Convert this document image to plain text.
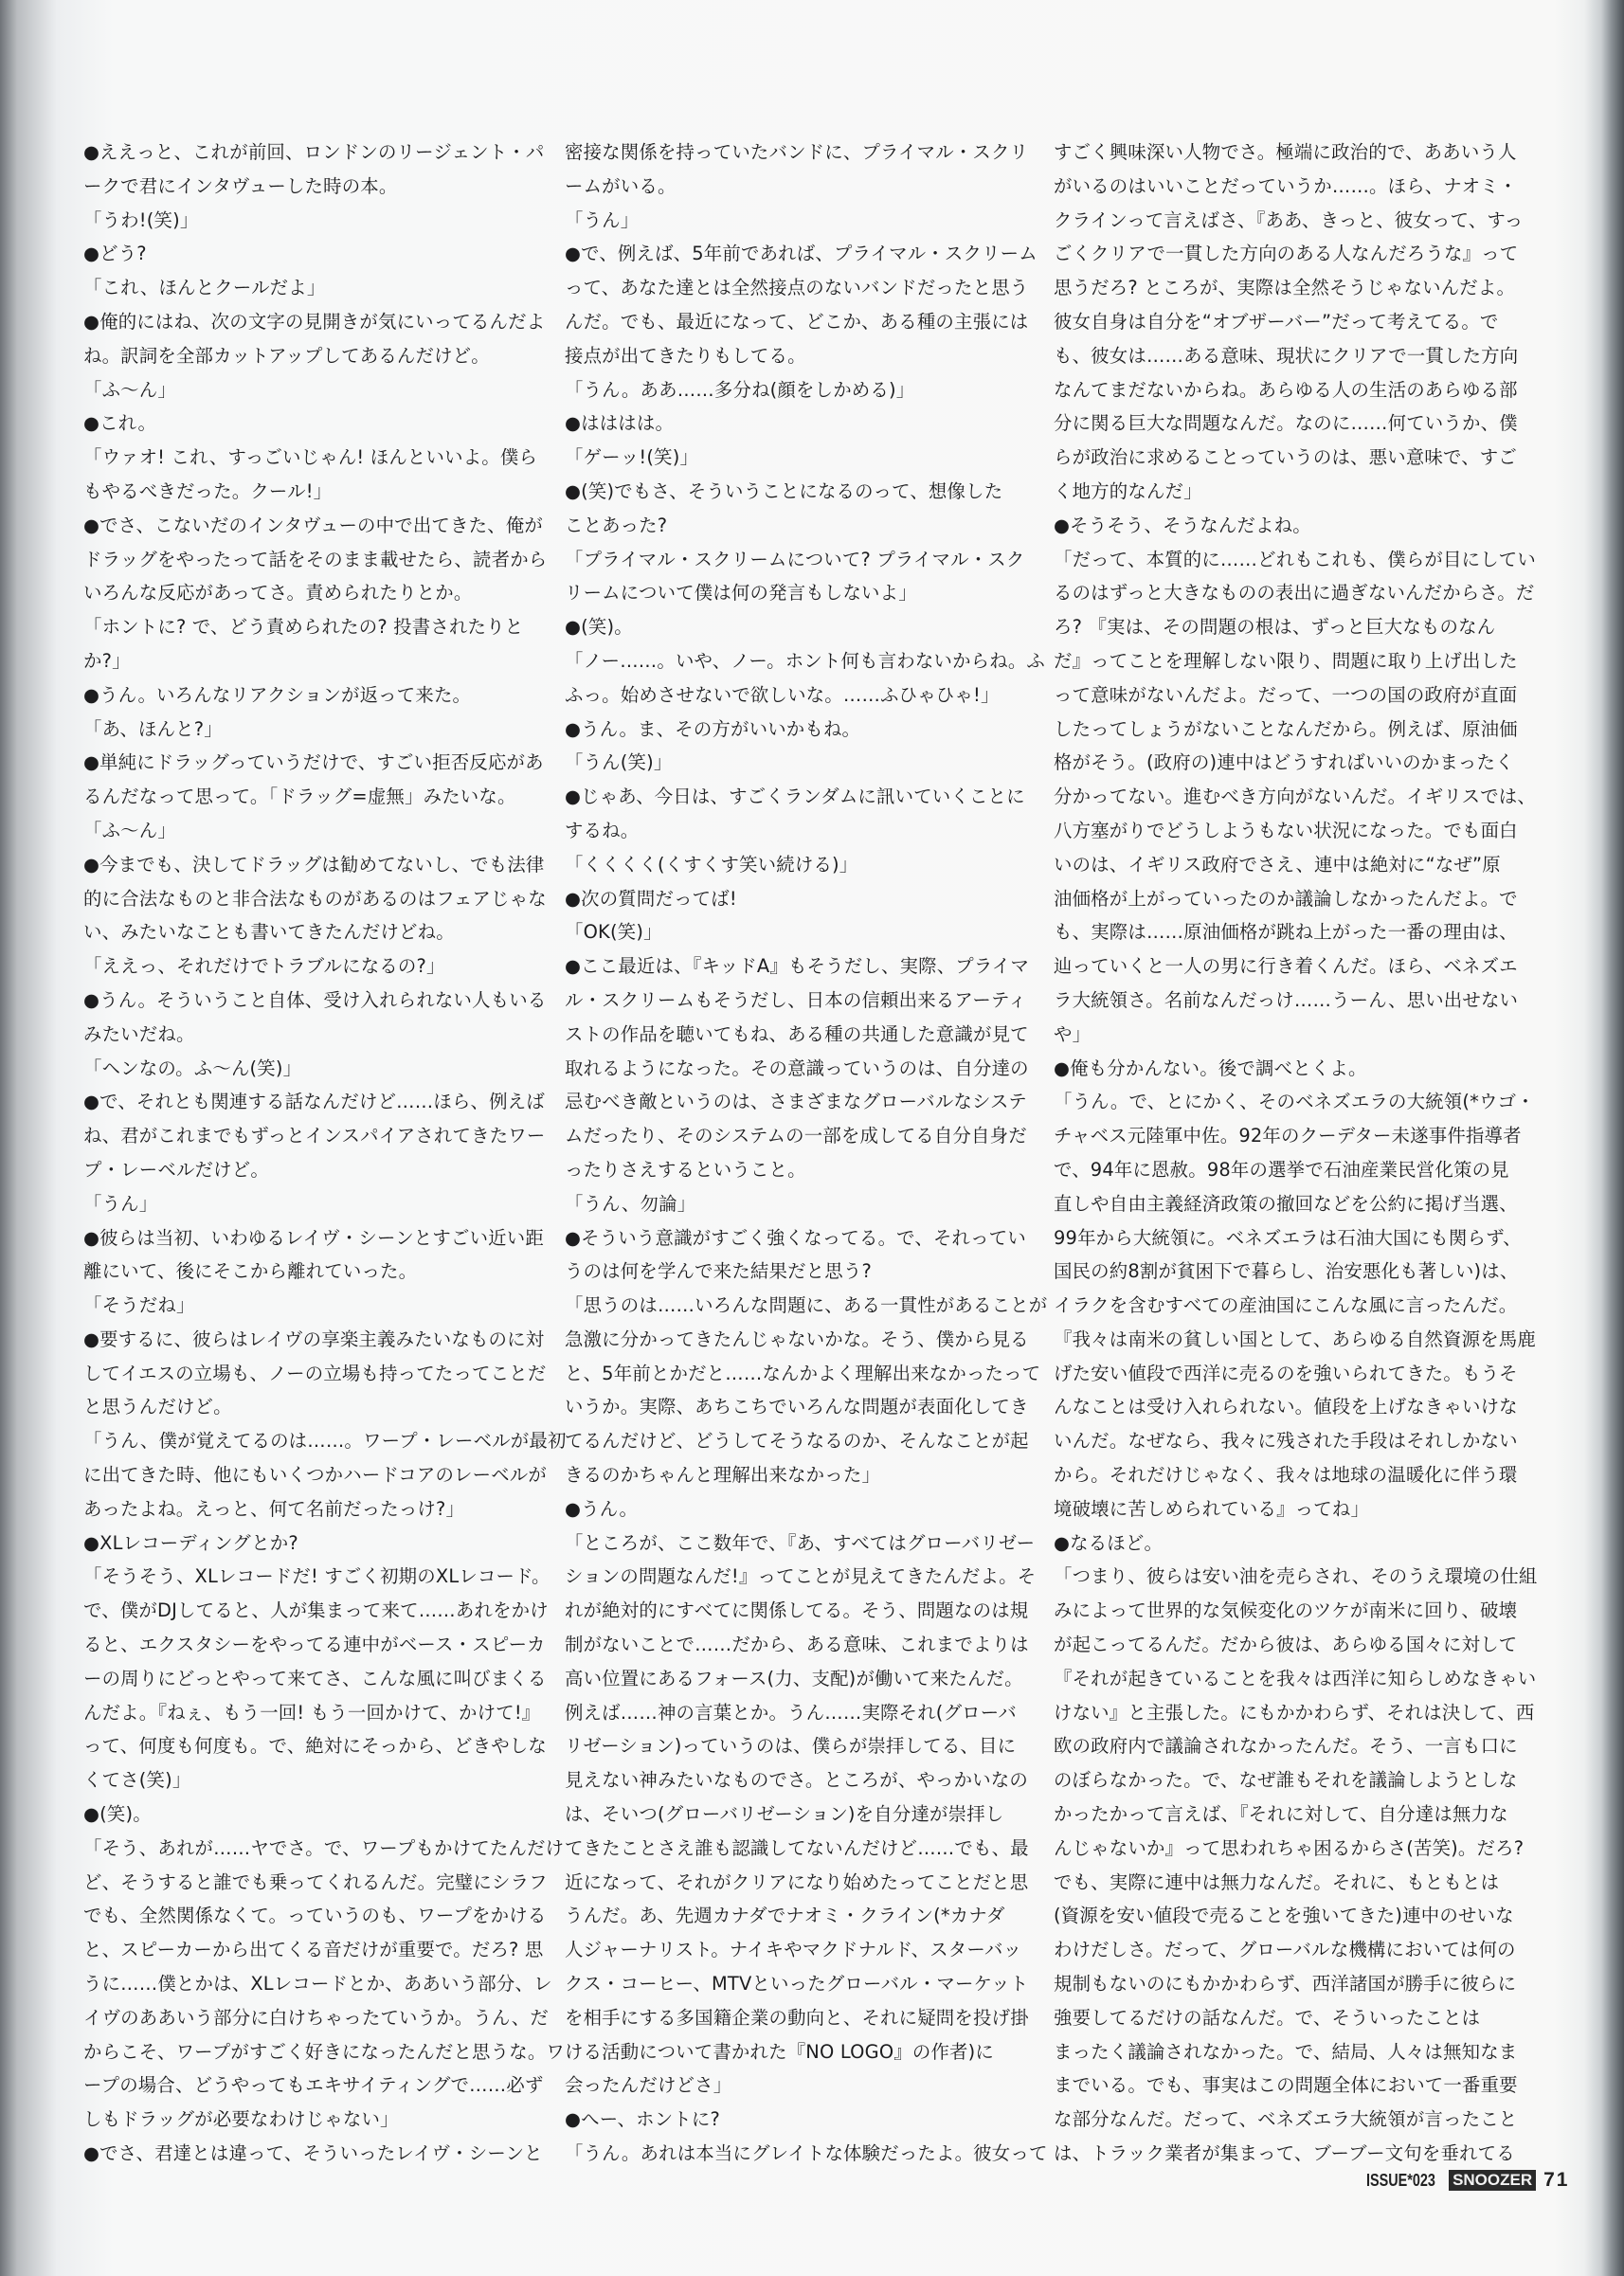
●ええっと、これが前回、ロンドンのリージェント・パ
ークで君にインタヴューした時の本。
「うわ!(笑)」
●どう?
「これ、ほんとクールだよ」
●俺的にはね、次の文字の見開きが気にいってるんだよ
ね。訳詞を全部カットアップしてあるんだけど。
「ふ〜ん」
●これ。
「ウァオ! これ、すっごいじゃん! ほんといいよ。僕ら
もやるべきだった。クール!」
●でさ、こないだのインタヴューの中で出てきた、俺が
ドラッグをやったって話をそのまま載せたら、読者から
いろんな反応があってさ。責められたりとか。
「ホントに? で、どう責められたの? 投書されたりと
か?」
●うん。いろんなリアクションが返って来た。
「あ、ほんと?」
●単純にドラッグっていうだけで、すごい拒否反応があ
るんだなって思って。「ドラッグ=虚無」みたいな。
「ふ〜ん」
●今までも、決してドラッグは勧めてないし、でも法律
的に合法なものと非合法なものがあるのはフェアじゃな
い、みたいなことも書いてきたんだけどね。
「ええっ、それだけでトラブルになるの?」
●うん。そういうこと自体、受け入れられない人もいる
みたいだね。
「ヘンなの。ふ〜ん(笑)」
●で、それとも関連する話なんだけど……ほら、例えば
ね、君がこれまでもずっとインスパイアされてきたワー
プ・レーベルだけど。
「うん」
●彼らは当初、いわゆるレイヴ・シーンとすごい近い距
離にいて、後にそこから離れていった。
「そうだね」
●要するに、彼らはレイヴの享楽主義みたいなものに対
してイエスの立場も、ノーの立場も持ってたってことだ
と思うんだけど。
「うん、僕が覚えてるのは……。ワープ・レーベルが最初
に出てきた時、他にもいくつかハードコアのレーベルが
あったよね。えっと、何て名前だったっけ?」
●XLレコーディングとか?
「そうそう、XLレコードだ! すごく初期のXLレコード。
で、僕がDJしてると、人が集まって来て……あれをかけ
ると、エクスタシーをやってる連中がベース・スピーカ
ーの周りにどっとやって来てさ、こんな風に叫びまくる
んだよ。『ねぇ、もう一回! もう一回かけて、かけて!』
って、何度も何度も。で、絶対にそっから、どきやしな
くてさ(笑)」
●(笑)。
「そう、あれが……ヤでさ。で、ワープもかけてたんだけ
ど、そうすると誰でも乗ってくれるんだ。完璧にシラフ
でも、全然関係なくて。っていうのも、ワープをかける
と、スピーカーから出てくる音だけが重要で。だろ? 思
うに……僕とかは、XLレコードとか、ああいう部分、レ
イヴのああいう部分に白けちゃったていうか。うん、だ
からこそ、ワープがすごく好きになったんだと思うな。ワ
ープの場合、どうやってもエキサイティングで……必ず
しもドラッグが必要なわけじゃない」
●でさ、君達とは違って、そういったレイヴ・シーンと
密接な関係を持っていたバンドに、プライマル・スクリ
ームがいる。
「うん」
●で、例えば、5年前であれば、プライマル・スクリーム
って、あなた達とは全然接点のないバンドだったと思う
んだ。でも、最近になって、どこか、ある種の主張には
接点が出てきたりもしてる。
「うん。ああ……多分ね(顔をしかめる)」
●はははは。
「ゲーッ!(笑)」
●(笑)でもさ、そういうことになるのって、想像した
ことあった?
「プライマル・スクリームについて? プライマル・スク
リームについて僕は何の発言もしないよ」
●(笑)。
「ノー……。いや、ノー。ホント何も言わないからね。ふ
ふっ。始めさせないで欲しいな。……ふひゃひゃ!」
●うん。ま、その方がいいかもね。
「うん(笑)」
●じゃあ、今日は、すごくランダムに訊いていくことに
するね。
「くくくく(くすくす笑い続ける)」
●次の質問だってば!
「OK(笑)」
●ここ最近は、『キッドA』もそうだし、実際、プライマ
ル・スクリームもそうだし、日本の信頼出来るアーティ
ストの作品を聴いてもね、ある種の共通した意識が見て
取れるようになった。その意識っていうのは、自分達の
忌むべき敵というのは、さまざまなグローバルなシステ
ムだったり、そのシステムの一部を成してる自分自身だ
ったりさえするということ。
「うん、勿論」
●そういう意識がすごく強くなってる。で、それってい
うのは何を学んで来た結果だと思う?
「思うのは……いろんな問題に、ある一貫性があることが
急激に分かってきたんじゃないかな。そう、僕から見る
と、5年前とかだと……なんかよく理解出来なかったって
いうか。実際、あちこちでいろんな問題が表面化してき
てるんだけど、どうしてそうなるのか、そんなことが起
きるのかちゃんと理解出来なかった」
●うん。
「ところが、ここ数年で、『あ、すべてはグローバリゼー
ションの問題なんだ!』ってことが見えてきたんだよ。そ
れが絶対的にすべてに関係してる。そう、問題なのは規
制がないことで……だから、ある意味、これまでよりは
高い位置にあるフォース(力、支配)が働いて来たんだ。
例えば……神の言葉とか。うん……実際それ(グローバ
リゼーション)っていうのは、僕らが崇拝してる、目に
見えない神みたいなものでさ。ところが、やっかいなの
は、そいつ(グローバリゼーション)を自分達が崇拝し
てきたことさえ誰も認識してないんだけど……でも、最
近になって、それがクリアになり始めたってことだと思
うんだ。あ、先週カナダでナオミ・クライン(*カナダ
人ジャーナリスト。ナイキやマクドナルド、スターバッ
クス・コーヒー、MTVといったグローバル・マーケット
を相手にする多国籍企業の動向と、それに疑問を投げ掛
ける活動について書かれた『NO LOGO』の作者)に
会ったんだけどさ」
●へー、ホントに?
「うん。あれは本当にグレイトな体験だったよ。彼女って
すごく興味深い人物でさ。極端に政治的で、ああいう人
がいるのはいいことだっていうか……。ほら、ナオミ・
クラインって言えばさ、『ああ、きっと、彼女って、すっ
ごくクリアで一貫した方向のある人なんだろうな』って
思うだろ? ところが、実際は全然そうじゃないんだよ。
彼女自身は自分を“オブザーバー”だって考えてる。で
も、彼女は……ある意味、現状にクリアで一貫した方向
なんてまだないからね。あらゆる人の生活のあらゆる部
分に関る巨大な問題なんだ。なのに……何ていうか、僕
らが政治に求めることっていうのは、悪い意味で、すご
く地方的なんだ」
●そうそう、そうなんだよね。
「だって、本質的に……どれもこれも、僕らが目にしてい
るのはずっと大きなものの表出に過ぎないんだからさ。だ
ろ? 『実は、その問題の根は、ずっと巨大なものなん
だ』ってことを理解しない限り、問題に取り上げ出した
って意味がないんだよ。だって、一つの国の政府が直面
したってしょうがないことなんだから。例えば、原油価
格がそう。(政府の)連中はどうすればいいのかまったく
分かってない。進むべき方向がないんだ。イギリスでは、
八方塞がりでどうしようもない状況になった。でも面白
いのは、イギリス政府でさえ、連中は絶対に“なぜ”原
油価格が上がっていったのか議論しなかったんだよ。で
も、実際は……原油価格が跳ね上がった一番の理由は、
辿っていくと一人の男に行き着くんだ。ほら、ベネズエ
ラ大統領さ。名前なんだっけ……うーん、思い出せない
や」
●俺も分かんない。後で調べとくよ。
「うん。で、とにかく、そのベネズエラの大統領(*ウゴ・
チャベス元陸軍中佐。92年のクーデター未遂事件指導者
で、94年に恩赦。98年の選挙で石油産業民営化策の見
直しや自由主義経済政策の撤回などを公約に掲げ当選、
99年から大統領に。ベネズエラは石油大国にも関らず、
国民の約8割が貧困下で暮らし、治安悪化も著しい)は、
イラクを含むすべての産油国にこんな風に言ったんだ。
『我々は南米の貧しい国として、あらゆる自然資源を馬鹿
げた安い値段で西洋に売るのを強いられてきた。もうそ
んなことは受け入れられない。値段を上げなきゃいけな
いんだ。なぜなら、我々に残された手段はそれしかない
から。それだけじゃなく、我々は地球の温暖化に伴う環
境破壊に苦しめられている』ってね」
●なるほど。
「つまり、彼らは安い油を売らされ、そのうえ環境の仕組
みによって世界的な気候変化のツケが南米に回り、破壊
が起こってるんだ。だから彼は、あらゆる国々に対して
『それが起きていることを我々は西洋に知らしめなきゃい
けない』と主張した。にもかかわらず、それは決して、西
欧の政府内で議論されなかったんだ。そう、一言も口に
のぼらなかった。で、なぜ誰もそれを議論しようとしな
かったかって言えば、『それに対して、自分達は無力な
んじゃないか』って思われちゃ困るからさ(苦笑)。だろ?
でも、実際に連中は無力なんだ。それに、もともとは
(資源を安い値段で売ることを強いてきた)連中のせいな
わけだしさ。だって、グローバルな機構においては何の
規制もないのにもかかわらず、西洋諸国が勝手に彼らに
強要してるだけの話なんだ。で、そういったことは
まったく議論されなかった。で、結局、人々は無知なま
までいる。でも、事実はこの問題全体において一番重要
な部分なんだ。だって、ベネズエラ大統領が言ったこと
は、トラック業者が集まって、ブーブー文句を垂れてる
ISSUE*023 SNOOZER 71
